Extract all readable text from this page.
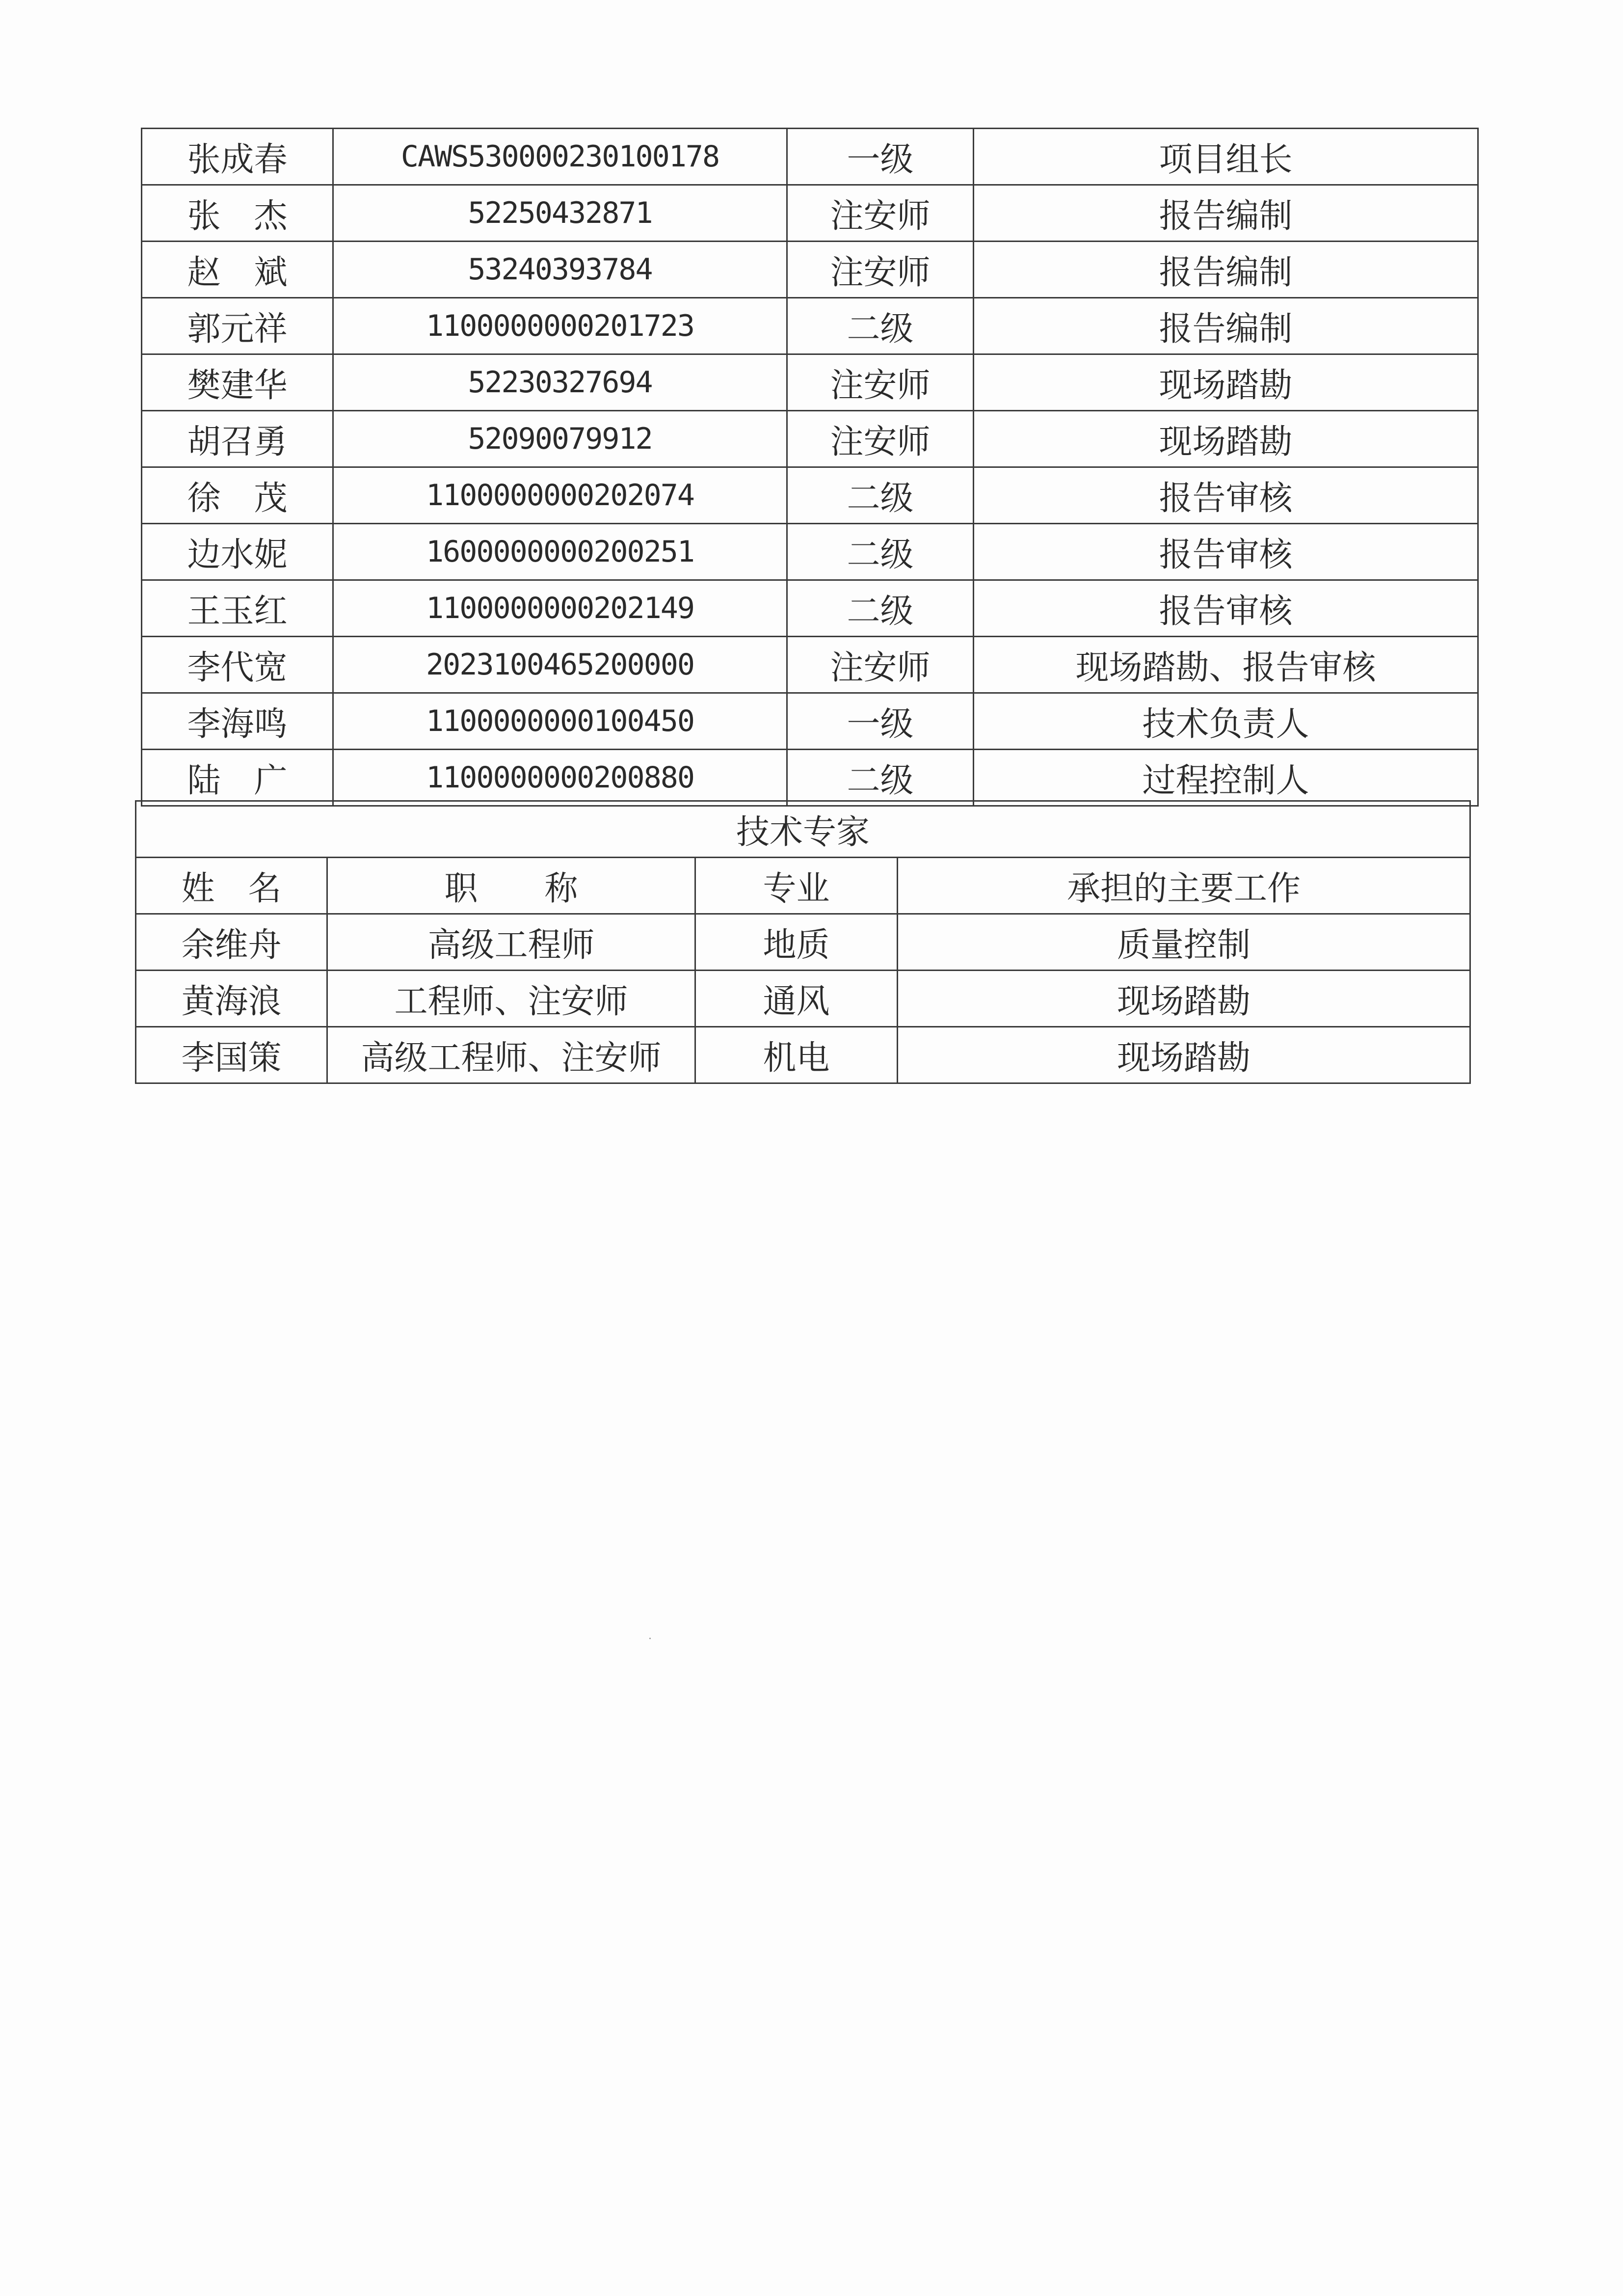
张成春	CAWS530000230100178	一级	项目组长
张　杰	52250432871	注安师	报告编制
赵　斌	53240393784	注安师	报告编制
郭元祥	1100000000201723	二级	报告编制
樊建华	52230327694	注安师	现场踏勘
胡召勇	52090079912	注安师	现场踏勘
徐　茂	1100000000202074	二级	报告审核
边水妮	1600000000200251	二级	报告审核
王玉红	1100000000202149	二级	报告审核
李代宽	2023100465200000	注安师	现场踏勘、报告审核
李海鸣	1100000000100450	一级	技术负责人
陆　广	1100000000200880	二级	过程控制人
技术专家			
姓　名	职　　称	专业	承担的主要工作
余维舟	高级工程师	地质	质量控制
黄海浪	工程师、注安师	通风	现场踏勘
李国策	高级工程师、注安师	机电	现场踏勘
